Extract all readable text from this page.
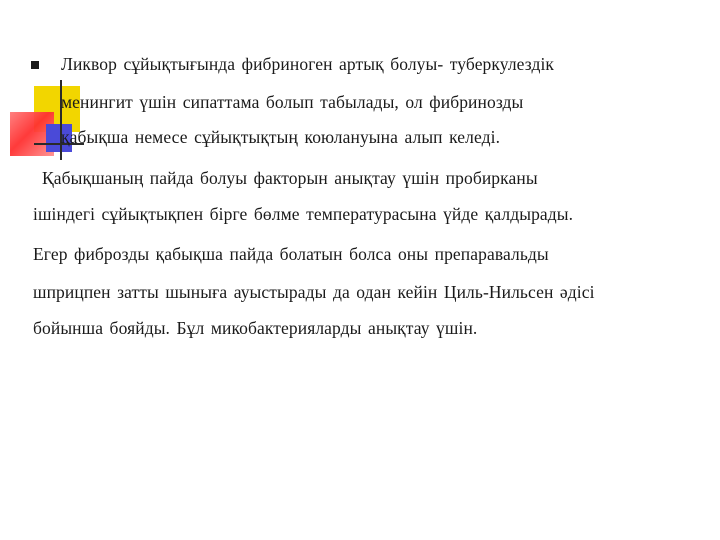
Ликвор сұйықтығында фибриноген артық болуы- туберкулездік
менингит үшін сипаттама болып табылады, ол фибринозды
қабықша немесе сұйықтықтың коюлануына алып келеді.
Қабықшаның пайда болуы факторын анықтау үшін пробирканы
ішіндегі сұйықтықпен бірге бөлме температурасына үйде қалдырады.
Егер фиброзды қабықша пайда болатын болса оны препаравальды
шприцпен затты шыныға ауыстырады да одан кейін Циль-Нильсен әдісі
бойынша бояйды. Бұл микобактерияларды анықтау үшін.
